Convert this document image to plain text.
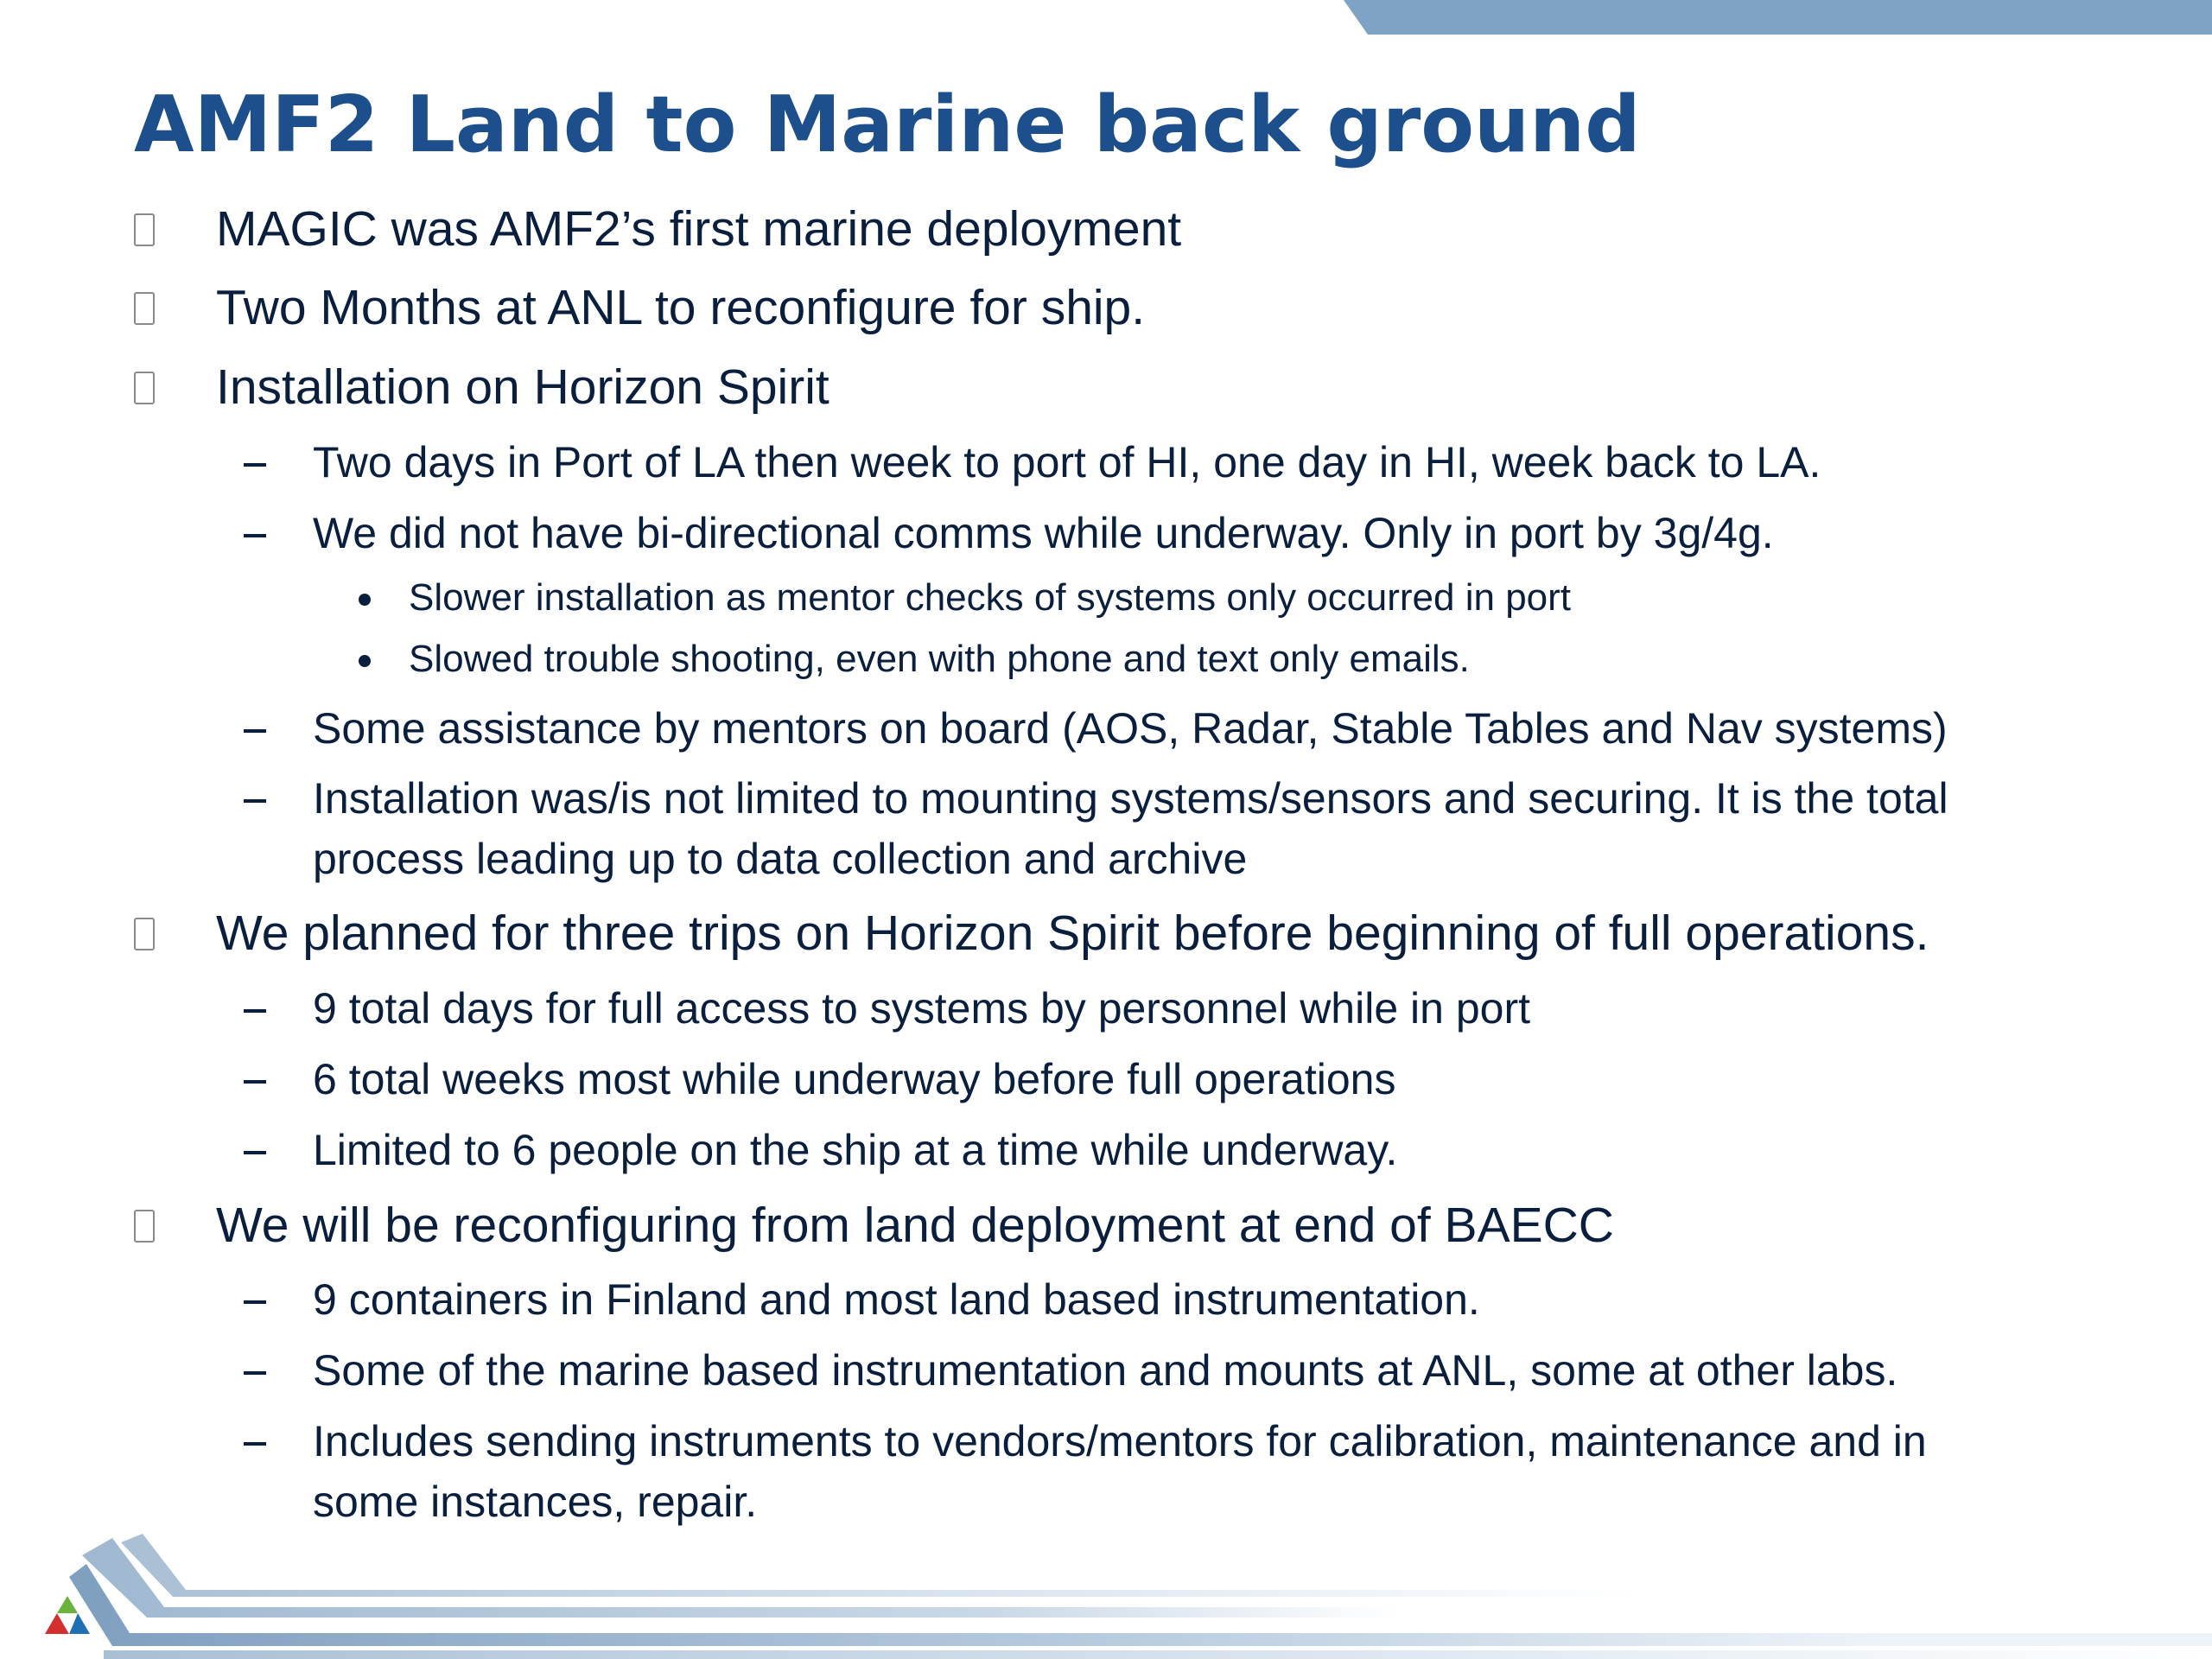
AMF2 Land to Marine back ground
MAGIC was AMF2’s first marine deployment
Two Months at ANL to reconfigure for ship.
Installation on Horizon Spirit
Two days in Port of LA then week to port of HI, one day in HI, week back to LA.
We did not have bi-directional comms while underway. Only in port by 3g/4g.
Slower installation as mentor checks of systems only occurred in port
Slowed trouble shooting, even with phone and text only emails.
Some assistance by mentors on board (AOS, Radar, Stable Tables and Nav systems)
Installation was/is not limited to mounting systems/sensors and securing. It is the total
process leading up to data collection and archive
We planned for three trips on Horizon Spirit before beginning of full operations.
9 total days for full access to systems by personnel while in port
6 total weeks most while underway before full operations
Limited to 6 people on the ship at a time while underway.
We will be reconfiguring from land deployment at end of BAECC
9 containers in Finland and most land based instrumentation.
Some of the marine based instrumentation and mounts at ANL, some at other labs.
Includes sending instruments to vendors/mentors for calibration, maintenance and in
some instances, repair.
